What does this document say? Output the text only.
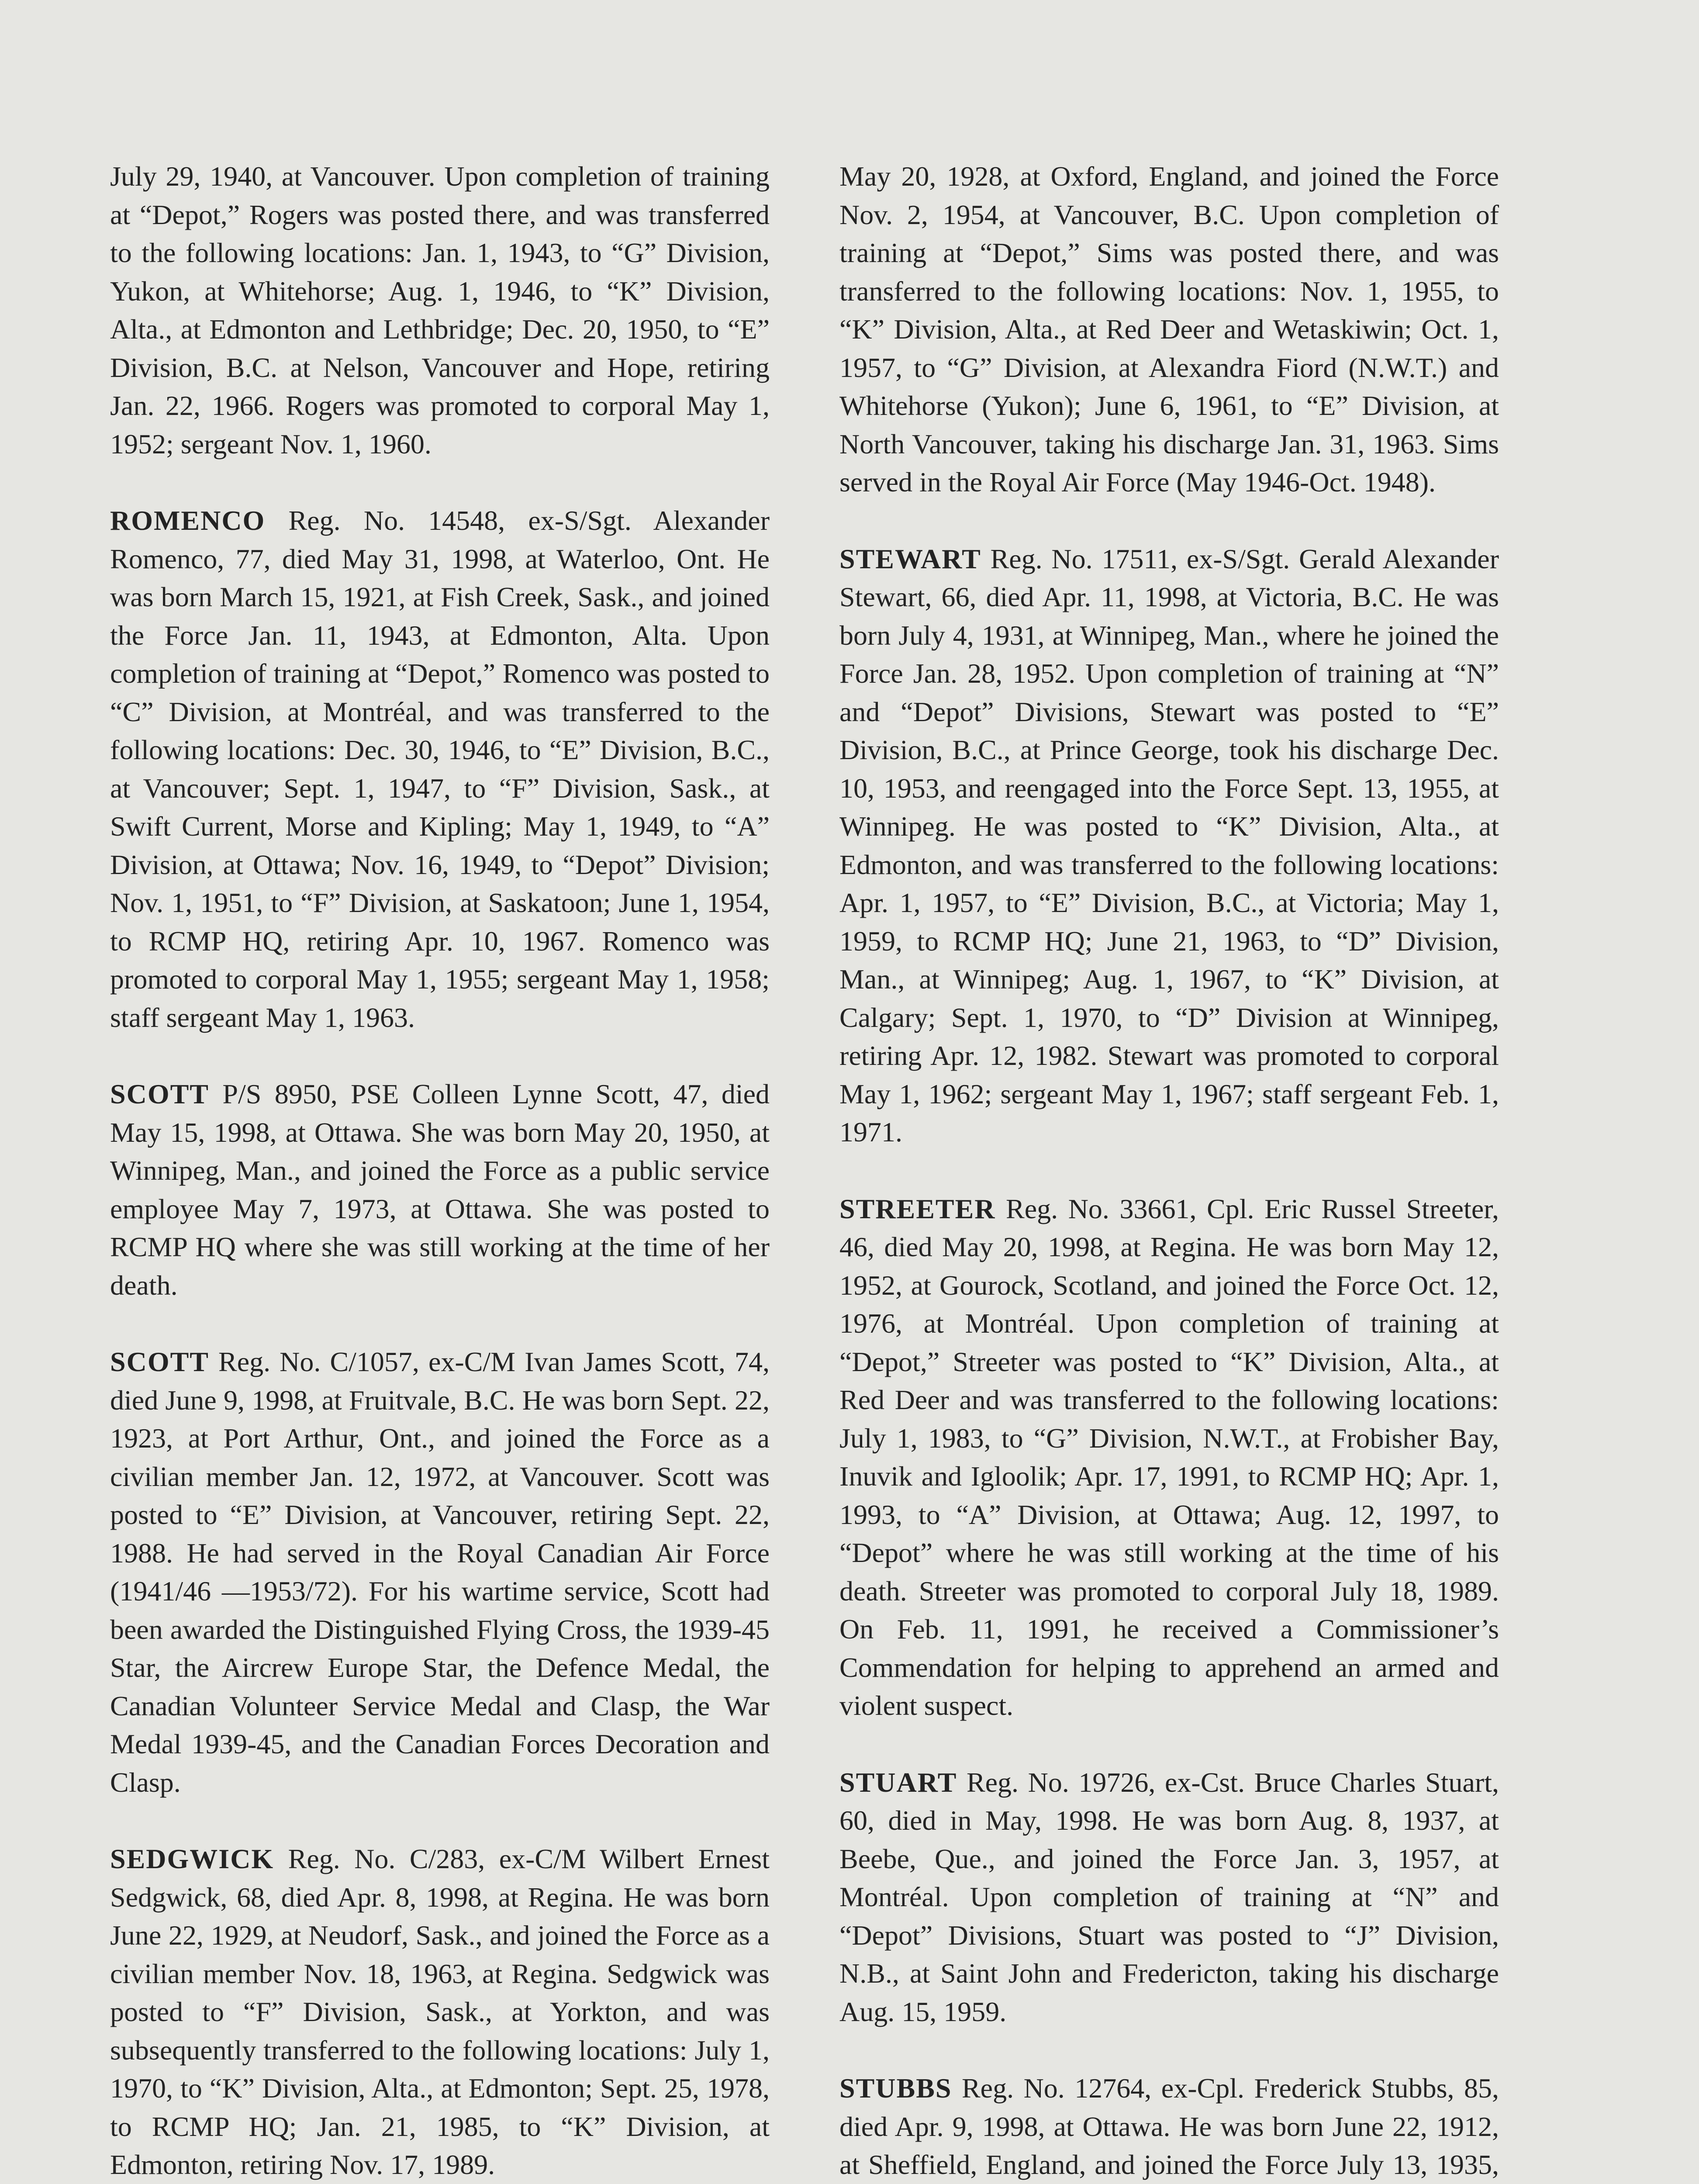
July 29, 1940, at Vancouver. Upon completion of training at “Depot,” Rogers was posted there, and was transferred to the following locations: Jan. 1, 1943, to “G” Division, Yukon, at Whitehorse; Aug. 1, 1946, to “K” Division, Alta., at Edmonton and Lethbridge; Dec. 20, 1950, to “E” Division, B.C. at Nelson, Vancouver and Hope, retiring Jan. 22, 1966. Rogers was promoted to corporal May 1, 1952; sergeant Nov. 1, 1960.

ROMENCO Reg. No. 14548, ex-S/Sgt. Alexander Romenco, 77, died May 31, 1998, at Waterloo, Ont. He was born March 15, 1921, at Fish Creek, Sask., and joined the Force Jan. 11, 1943, at Edmonton, Alta. Upon completion of training at “Depot,” Romenco was posted to “C” Division, at Montréal, and was transferred to the following locations: Dec. 30, 1946, to “E” Division, B.C., at Vancouver; Sept. 1, 1947, to “F” Division, Sask., at Swift Current, Morse and Kipling; May 1, 1949, to “A” Division, at Ottawa; Nov. 16, 1949, to “Depot” Division; Nov. 1, 1951, to “F” Division, at Saskatoon; June 1, 1954, to RCMP HQ, retiring Apr. 10, 1967. Romenco was promoted to corporal May 1, 1955; sergeant May 1, 1958; staff sergeant May 1, 1963.

SCOTT P/S 8950, PSE Colleen Lynne Scott, 47, died May 15, 1998, at Ottawa. She was born May 20, 1950, at Winnipeg, Man., and joined the Force as a public service employee May 7, 1973, at Ottawa. She was posted to RCMP HQ where she was still working at the time of her death.

SCOTT Reg. No. C/1057, ex-C/M Ivan James Scott, 74, died June 9, 1998, at Fruitvale, B.C. He was born Sept. 22, 1923, at Port Arthur, Ont., and joined the Force as a civilian member Jan. 12, 1972, at Vancouver. Scott was posted to “E” Division, at Vancouver, retiring Sept. 22, 1988. He had served in the Royal Canadian Air Force (1941/46 —1953/72). For his wartime service, Scott had been awarded the Distinguished Flying Cross, the 1939-45 Star, the Aircrew Europe Star, the Defence Medal, the Canadian Volunteer Service Medal and Clasp, the War Medal 1939-45, and the Canadian Forces Decoration and Clasp.

SEDGWICK Reg. No. C/283, ex-C/M Wilbert Ernest Sedgwick, 68, died Apr. 8, 1998, at Regina. He was born June 22, 1929, at Neudorf, Sask., and joined the Force as a civilian member Nov. 18, 1963, at Regina. Sedgwick was posted to “F” Division, Sask., at Yorkton, and was subsequently transferred to the following locations: July 1, 1970, to “K” Division, Alta., at Edmonton; Sept. 25, 1978, to RCMP HQ; Jan. 21, 1985, to “K” Division, at Edmonton, retiring Nov. 17, 1989.

May 20, 1928, at Oxford, England, and joined the Force Nov. 2, 1954, at Vancouver, B.C. Upon completion of training at “Depot,” Sims was posted there, and was transferred to the following locations: Nov. 1, 1955, to “K” Division, Alta., at Red Deer and Wetaskiwin; Oct. 1, 1957, to “G” Division, at Alexandra Fiord (N.W.T.) and Whitehorse (Yukon); June 6, 1961, to “E” Division, at North Vancouver, taking his discharge Jan. 31, 1963. Sims served in the Royal Air Force (May 1946-Oct. 1948).

STEWART Reg. No. 17511, ex-S/Sgt. Gerald Alexander Stewart, 66, died Apr. 11, 1998, at Victoria, B.C. He was born July 4, 1931, at Winnipeg, Man., where he joined the Force Jan. 28, 1952. Upon completion of training at “N” and “Depot” Divisions, Stewart was posted to “E” Division, B.C., at Prince George, took his discharge Dec. 10, 1953, and reengaged into the Force Sept. 13, 1955, at Winnipeg. He was posted to “K” Division, Alta., at Edmonton, and was transferred to the following locations: Apr. 1, 1957, to “E” Division, B.C., at Victoria; May 1, 1959, to RCMP HQ; June 21, 1963, to “D” Division, Man., at Winnipeg; Aug. 1, 1967, to “K” Division, at Calgary; Sept. 1, 1970, to “D” Division at Winnipeg, retiring Apr. 12, 1982. Stewart was promoted to corporal May 1, 1962; sergeant May 1, 1967; staff sergeant Feb. 1, 1971.

STREETER Reg. No. 33661, Cpl. Eric Russel Streeter, 46, died May 20, 1998, at Regina. He was born May 12, 1952, at Gourock, Scotland, and joined the Force Oct. 12, 1976, at Montréal. Upon completion of training at “Depot,” Streeter was posted to “K” Division, Alta., at Red Deer and was transferred to the following locations: July 1, 1983, to “G” Division, N.W.T., at Frobisher Bay, Inuvik and Igloolik; Apr. 17, 1991, to RCMP HQ; Apr. 1, 1993, to “A” Division, at Ottawa; Aug. 12, 1997, to “Depot” where he was still working at the time of his death. Streeter was promoted to corporal July 18, 1989. On Feb. 11, 1991, he received a Commissioner’s Commendation for helping to apprehend an armed and violent suspect.

STUART Reg. No. 19726, ex-Cst. Bruce Charles Stuart, 60, died in May, 1998. He was born Aug. 8, 1937, at Beebe, Que., and joined the Force Jan. 3, 1957, at Montréal. Upon completion of training at “N” and “Depot” Divisions, Stuart was posted to “J” Division, N.B., at Saint John and Fredericton, taking his discharge Aug. 15, 1959.

STUBBS Reg. No. 12764, ex-Cpl. Frederick Stubbs, 85, died Apr. 9, 1998, at Ottawa. He was born June 22, 1912, at Sheffield, England, and joined the Force July 13, 1935,
